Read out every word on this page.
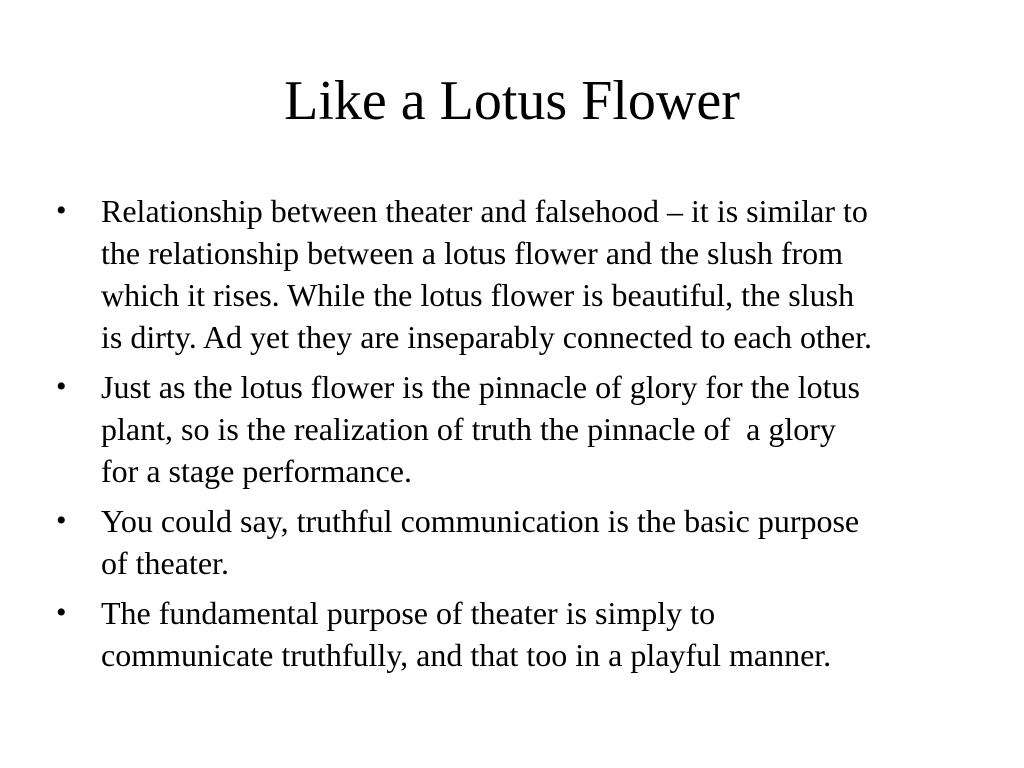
Like a Lotus Flower
•	Relationship between theater and falsehood – it is similar to
the relationship between a lotus flower and the slush from
which it rises. While the lotus flower is beautiful, the slush
is dirty. Ad yet they are inseparably connected to each other.
•	Just as the lotus flower is the pinnacle of glory for the lotus
plant, so is the realization of truth the pinnacle of  a glory
for a stage performance.
•	You could say, truthful communication is the basic purpose
of theater.
•	The fundamental purpose of theater is simply to
communicate truthfully, and that too in a playful manner.
